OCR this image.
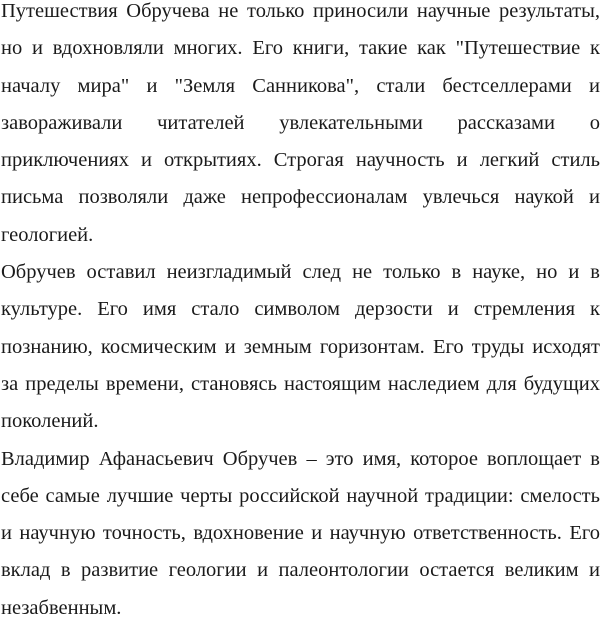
Путешествия Обручева не только приносили научные результаты, но и вдохновляли многих. Его книги, такие как "Путешествие к началу мира" и "Земля Санникова", стали бестселлерами и завораживали читателей увлекательными рассказами о приключениях и открытиях. Строгая научность и легкий стиль письма позволяли даже непрофессионалам увлечься наукой и геологией.

Обручев оставил неизгладимый след не только в науке, но и в культуре. Его имя стало символом дерзости и стремления к познанию, космическим и земным горизонтам. Его труды исходят за пределы времени, становясь настоящим наследием для будущих поколений.

Владимир Афанасьевич Обручев – это имя, которое воплощает в себе самые лучшие черты российской научной традиции: смелость и научную точность, вдохновение и научную ответственность. Его вклад в развитие геологии и палеонтологии остается великим и незабвенным.
